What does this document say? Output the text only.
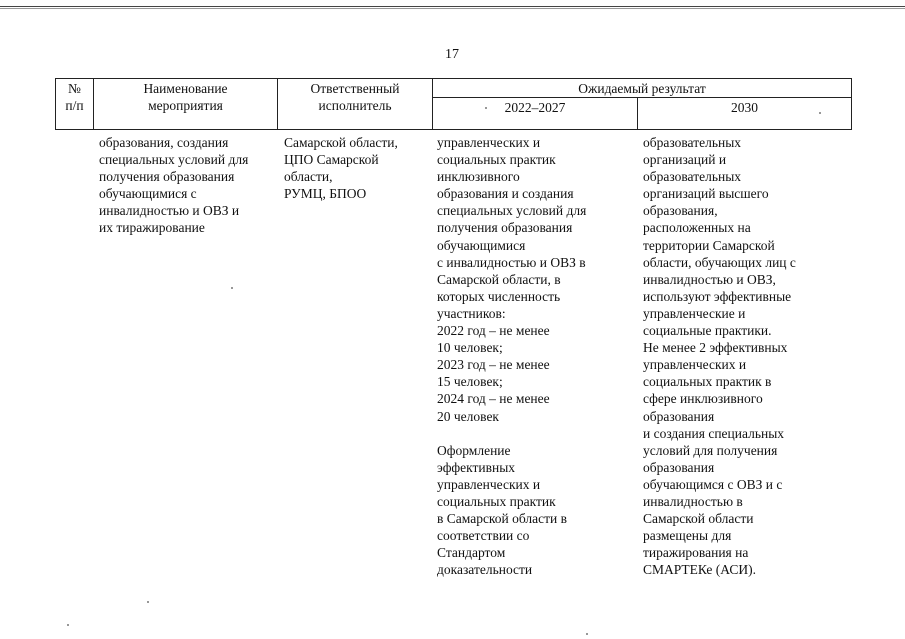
17
№
п/п
Наименование
мероприятия
Ответственный
исполнитель
Ожидаемый результат
2022–2027	2030
образования, создания
специальных условий для
получения образования
обучающимися с
инвалидностью и ОВЗ и
их тиражирование
Самарской области,
ЦПО Самарской
области,
РУМЦ, БПОО
управленческих и
социальных практик
инклюзивного
образования и создания
специальных условий для
получения образования
обучающимися
с инвалидностью и ОВЗ в
Самарской области, в
которых численность
участников:
2022 год – не менее
10 человек;
2023 год – не менее
15 человек;
2024 год – не менее
20 человек

Оформление
эффективных
управленческих и
социальных практик
в Самарской области в
соответствии со
Стандартом
доказательности
образовательных
организаций и
образовательных
организаций высшего
образования,
расположенных на
территории Самарской
области, обучающих лиц с
инвалидностью и ОВЗ,
используют эффективные
управленческие и
социальные практики.
Не менее 2 эффективных
управленческих и
социальных практик в
сфере инклюзивного
образования
и создания специальных
условий для получения
образования
обучающимся с ОВЗ и с
инвалидностью в
Самарской области
размещены для
тиражирования на
СМАРТЕКе (АСИ).
